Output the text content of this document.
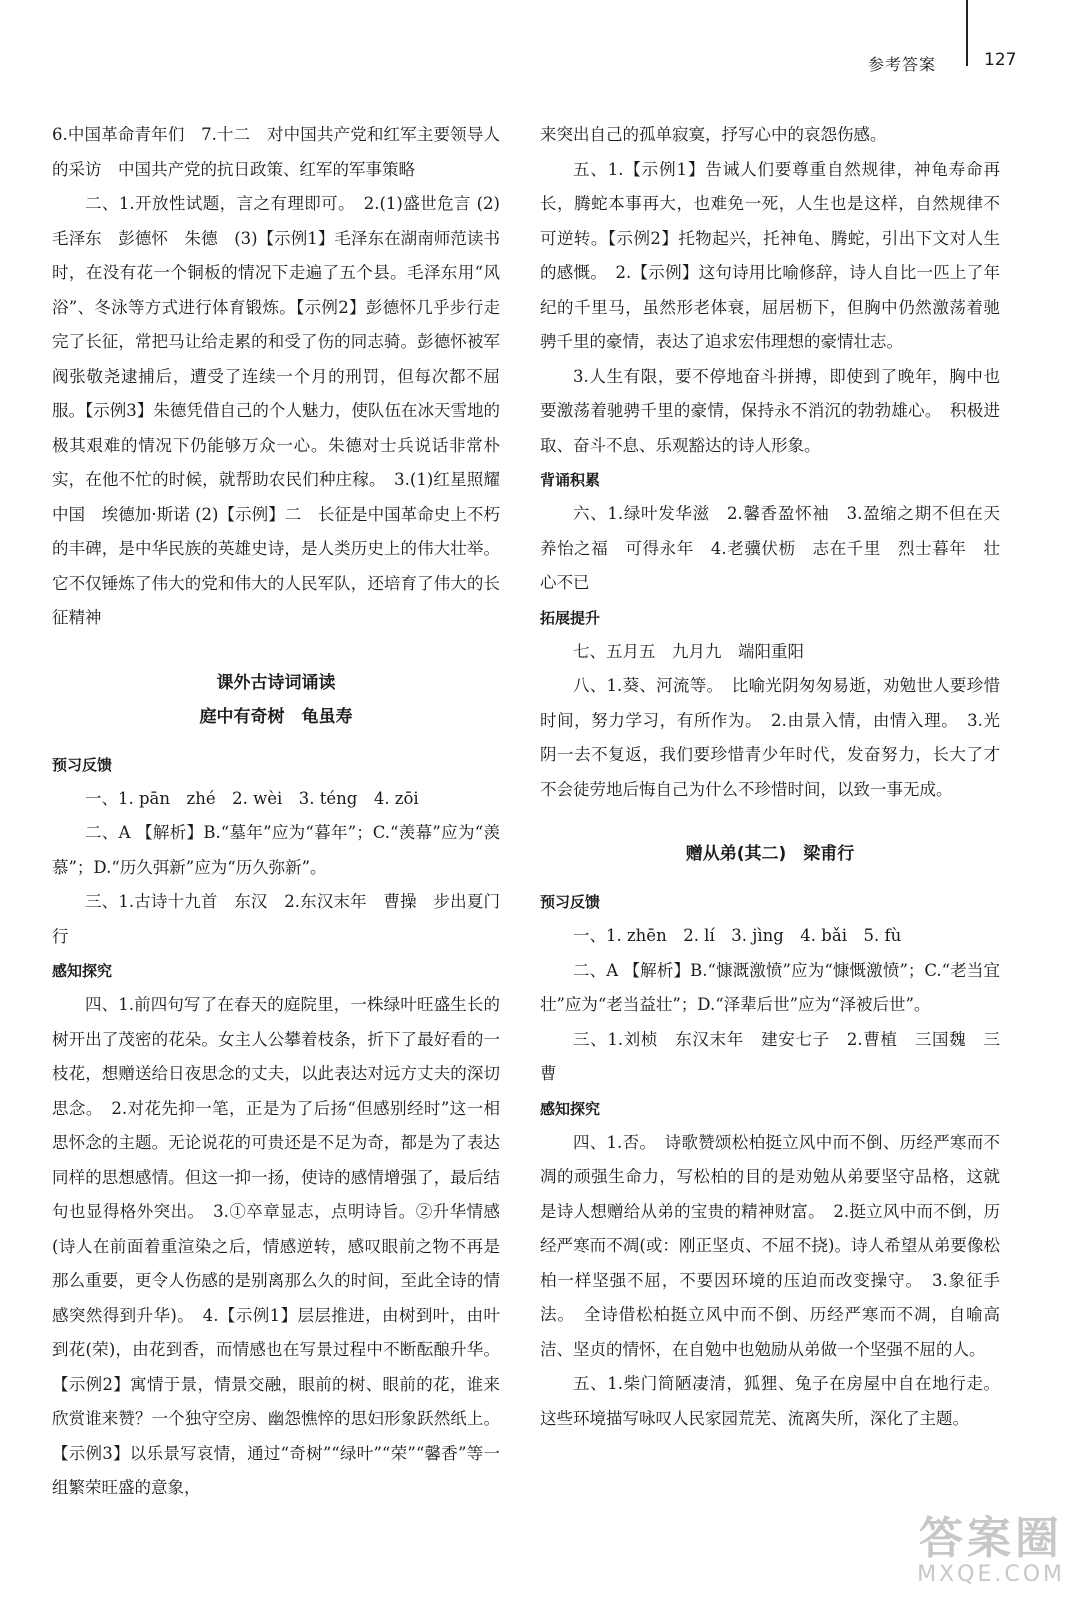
参考答案	127

6.中国革命青年们　7.十二　对中国共产党和红军主要领导人的采访　中国共产党的抗日政策、红军的军事策略

二、1.开放性试题，言之有理即可。　2.(1)盛世危言 (2)毛泽东　彭德怀　朱德　(3)【示例1】毛泽东在湖南师范读书时，在没有花一个铜板的情况下走遍了五个县。毛泽东用“风浴”、冬泳等方式进行体育锻炼。【示例2】彭德怀几乎步行走完了长征，常把马让给走累的和受了伤的同志骑。彭德怀被军阀张敬尧逮捕后，遭受了连续一个月的刑罚，但每次都不屈服。【示例3】朱德凭借自己的个人魅力，使队伍在冰天雪地的极其艰难的情况下仍能够万众一心。朱德对士兵说话非常朴实，在他不忙的时候，就帮助农民们种庄稼。　3.(1)红星照耀中国　埃德加·斯诺 (2)【示例】二　长征是中国革命史上不朽的丰碑，是中华民族的英雄史诗，是人类历史上的伟大壮举。它不仅锤炼了伟大的党和伟大的人民军队，还培育了伟大的长征精神

课外古诗词诵读

庭中有奇树　龟虽寿

预习反馈

一、1. pān　zhé　2. wèi　3. téng　4. zōi

二、A 【解析】B.“墓年”应为“暮年”；C.“羡幕”应为“羡慕”；D.“历久弭新”应为“历久弥新”。

三、1.古诗十九首　东汉　2.东汉末年　曹操　步出夏门行

感知探究

四、1.前四句写了在春天的庭院里，一株绿叶旺盛生长的树开出了茂密的花朵。女主人公攀着枝条，折下了最好看的一枝花，想赠送给日夜思念的丈夫，以此表达对远方丈夫的深切思念。　2.对花先抑一笔，正是为了后扬“但感别经时”这一相思怀念的主题。无论说花的可贵还是不足为奇，都是为了表达同样的思想感情。但这一抑一扬，使诗的感情增强了，最后结句也显得格外突出。　3.①卒章显志，点明诗旨。②升华情感(诗人在前面着重渲染之后，情感逆转，感叹眼前之物不再是那么重要，更令人伤感的是别离那么久的时间，至此全诗的情感突然得到升华)。　4.【示例1】层层推进，由树到叶，由叶到花(荣)，由花到香，而情感也在写景过程中不断酝酿升华。【示例2】寓情于景，情景交融，眼前的树、眼前的花，谁来欣赏谁来赞？一个独守空房、幽怨憔悴的思妇形象跃然纸上。【示例3】以乐景写哀情，通过“奇树”“绿叶”“荣”“馨香”等一组繁荣旺盛的意象，

来突出自己的孤单寂寞，抒写心中的哀怨伤感。

五、1.【示例1】告诫人们要尊重自然规律，神龟寿命再长，腾蛇本事再大，也难免一死，人生也是这样，自然规律不可逆转。【示例2】托物起兴，托神龟、腾蛇，引出下文对人生的感慨。　2.【示例】这句诗用比喻修辞，诗人自比一匹上了年纪的千里马，虽然形老体衰，屈居枥下，但胸中仍然激荡着驰骋千里的豪情，表达了追求宏伟理想的豪情壮志。

3.人生有限，要不停地奋斗拼搏，即使到了晚年，胸中也要激荡着驰骋千里的豪情，保持永不消沉的勃勃雄心。　积极进取、奋斗不息、乐观豁达的诗人形象。

背诵积累

六、1.绿叶发华滋　2.馨香盈怀袖　3.盈缩之期不但在天　养怡之福　可得永年　4.老骥伏枥　志在千里　烈士暮年　壮心不已

拓展提升

七、五月五　九月九　端阳重阳

八、1.葵、河流等。　比喻光阴匆匆易逝，劝勉世人要珍惜时间，努力学习，有所作为。　2.由景入情，由情入理。　3.光阴一去不复返，我们要珍惜青少年时代，发奋努力，长大了才不会徒劳地后悔自己为什么不珍惜时间，以致一事无成。

赠从弟(其二)　梁甫行

预习反馈

一、1. zhēn　2. lí　3. jìng　4. bǎi　5. fù

二、A 【解析】B.“慷溉激愤”应为“慷慨激愤”；C.“老当宜壮”应为“老当益壮”；D.“泽辈后世”应为“泽被后世”。

三、1.刘桢　东汉末年　建安七子　2.曹植　三国魏　三曹

感知探究

四、1.否。　诗歌赞颂松柏挺立风中而不倒、历经严寒而不凋的顽强生命力，写松柏的目的是劝勉从弟要坚守品格，这就是诗人想赠给从弟的宝贵的精神财富。　2.挺立风中而不倒，历经严寒而不凋(或：刚正坚贞、不屈不挠)。诗人希望从弟要像松柏一样坚强不屈，不要因环境的压迫而改变操守。　3.象征手法。　全诗借松柏挺立风中而不倒、历经严寒而不凋，自喻高洁、坚贞的情怀，在自勉中也勉励从弟做一个坚强不屈的人。

五、1.柴门简陋凄清，狐狸、兔子在房屋中自在地行走。这些环境描写咏叹人民家园荒芜、流离失所，深化了主题。

答案圈
MXQE.COM
